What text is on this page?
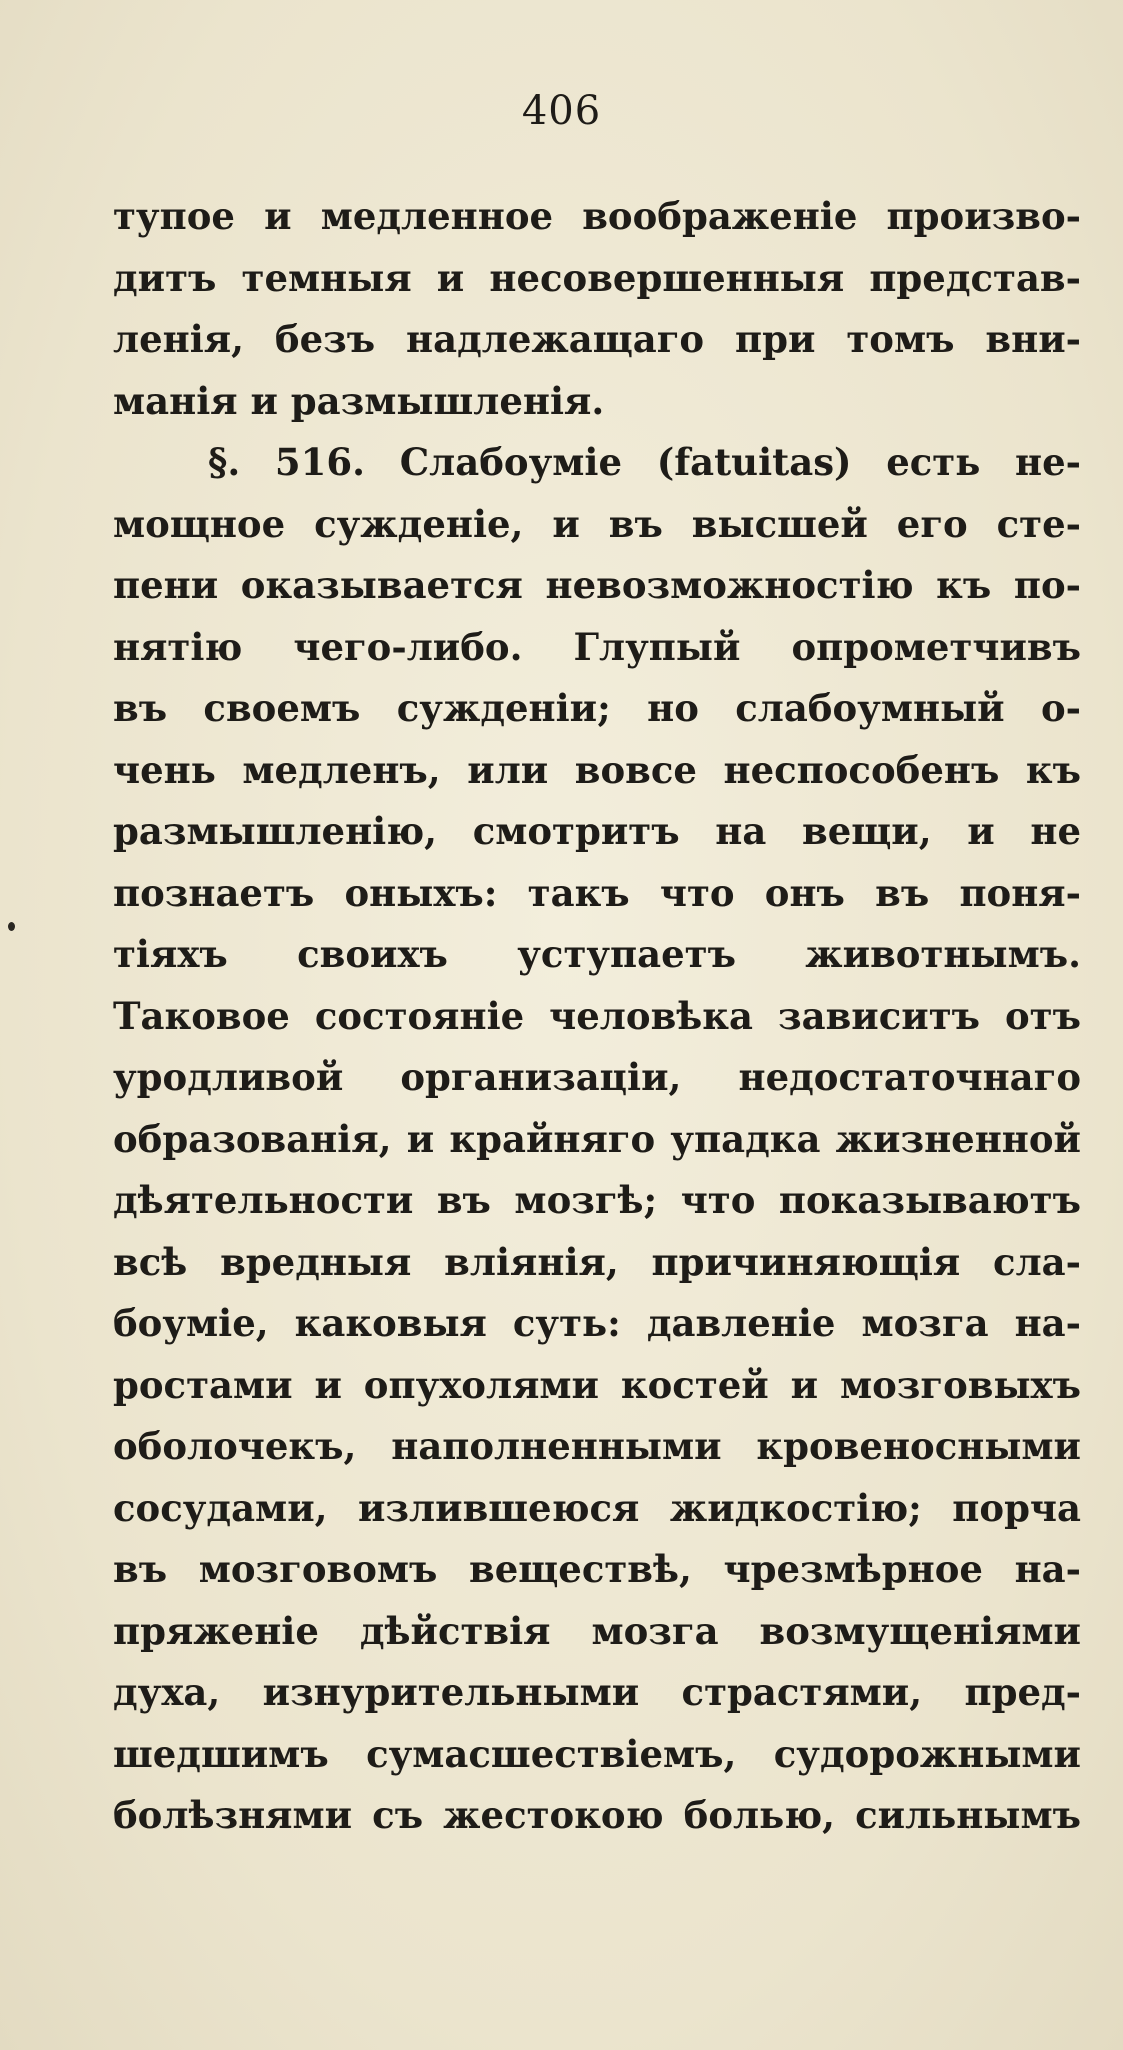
406
тупое и медленное воображеніе произво-
дитъ темныя и несовершенныя представ-
ленія, безъ надлежащаго при томъ вни-
манія и размышленія.
§. 516. Слабоумiе (fatuitas) есть не-
мощное сужденіе, и въ высшей его сте-
пени оказывается невозможностію къ по-
нятію чего-либо. Глупый опрометчивъ
въ своемъ сужденіи; но слабоумный о-
чень медленъ, или вовсе неспособенъ къ
размышленію, смотритъ на вещи, и не
познаетъ оныхъ: такъ что онъ въ поня-
тіяхъ своихъ уступаетъ животнымъ.
Таковое состояніе человѣка зависитъ отъ
уродливой организаціи, недостаточнаго
образованія, и крайняго упадка жизненной
дѣятельности въ мозгѣ; что показываютъ
всѣ вредныя вліянія, причиняющія сла-
боумiе, каковыя суть: давленіе мозга на-
ростами и опухолями костей и мозговыхъ
оболочекъ, наполненными кровеносными
сосудами, излившеюся жидкостію; порча
въ мозговомъ веществѣ, чрезмѣрное на-
пряженіе дѣйствія мозга возмущеніями
духа, изнурительными страстями, пред-
шедшимъ сумасшествіемъ, судорожными
болѣзнями съ жестокою болью, сильнымъ
